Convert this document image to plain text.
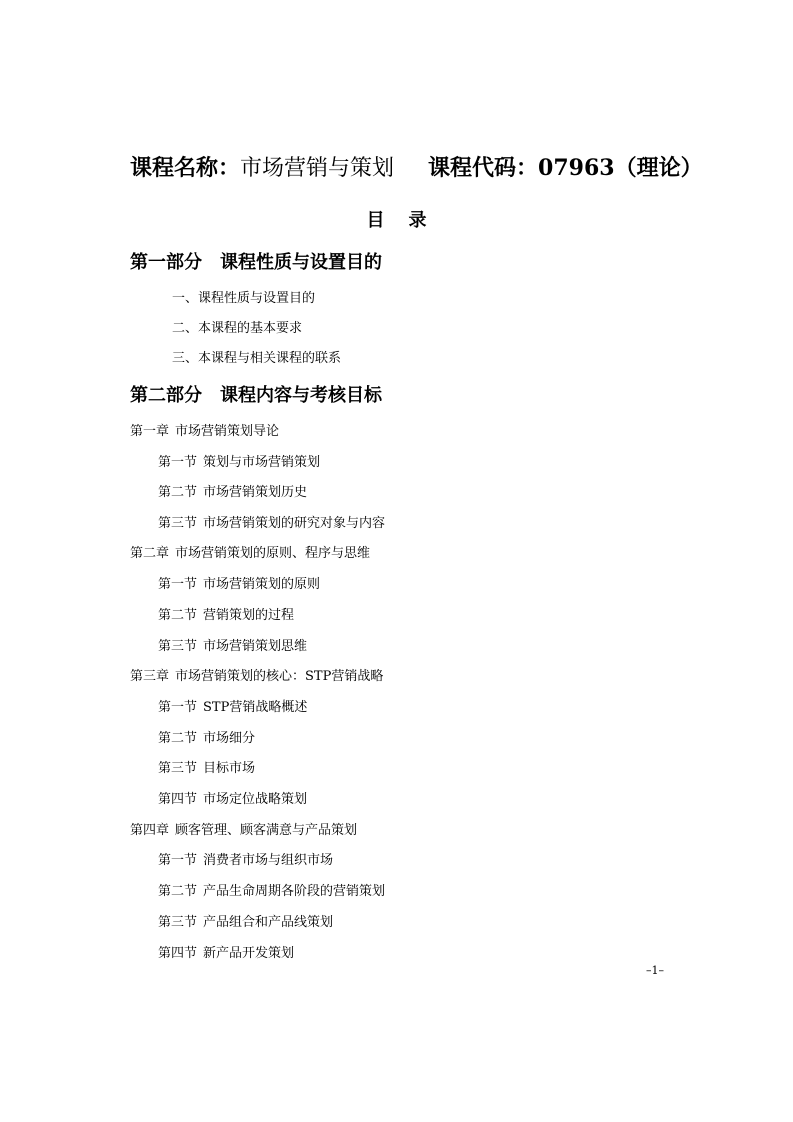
课程名称：市场营销与策划 课程代码：07963（理论）
目录
第一部分 课程性质与设置目的
一、课程性质与设置目的
二、本课程的基本要求
三、本课程与相关课程的联系
第二部分 课程内容与考核目标
第一章 市场营销策划导论
第一节 策划与市场营销策划
第二节 市场营销策划历史
第三节 市场营销策划的研究对象与内容
第二章 市场营销策划的原则、程序与思维
第一节 市场营销策划的原则
第二节 营销策划的过程
第三节 市场营销策划思维
第三章 市场营销策划的核心：STP营销战略
第一节 STP营销战略概述
第二节 市场细分
第三节 目标市场
第四节 市场定位战略策划
第四章 顾客管理、顾客满意与产品策划
第一节 消费者市场与组织市场
第二节 产品生命周期各阶段的营销策划
第三节 产品组合和产品线策划
第四节 新产品开发策划
–1–
